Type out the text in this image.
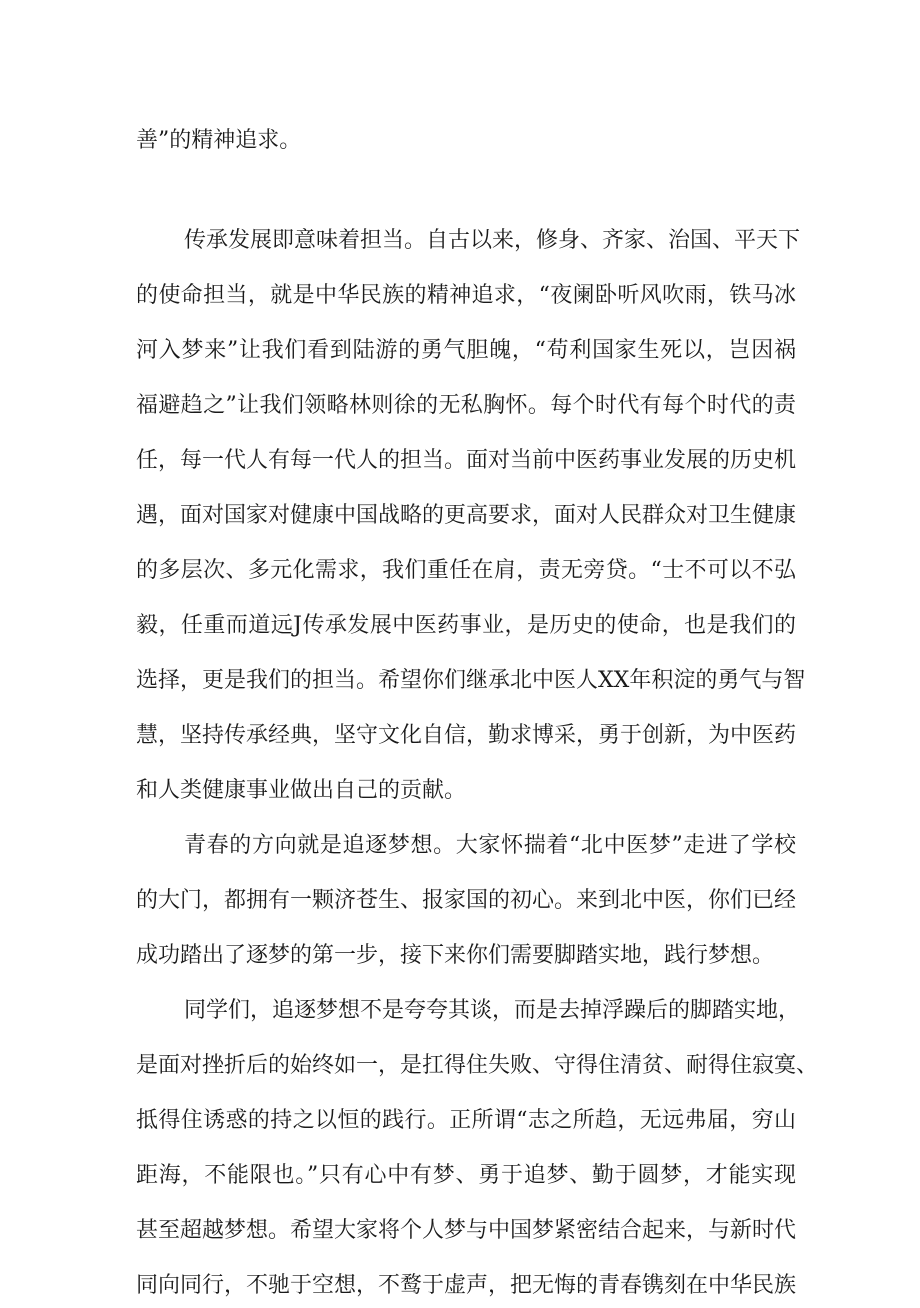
善”的精神追求。
传承发展即意味着担当。自古以来，修身、齐家、治国、平天下
的使命担当，就是中华民族的精神追求，“夜阑卧听风吹雨，铁马冰
河入梦来”让我们看到陆游的勇气胆魄，“苟利国家生死以，岂因祸
福避趋之”让我们领略林则徐的无私胸怀。每个时代有每个时代的责
任，每一代人有每一代人的担当。面对当前中医药事业发展的历史机
遇，面对国家对健康中国战略的更高要求，面对人民群众对卫生健康
的多层次、多元化需求，我们重任在肩，责无旁贷。“士不可以不弘
毅，任重而道远J传承发展中医药事业，是历史的使命，也是我们的
选择，更是我们的担当。希望你们继承北中医人XX年积淀的勇气与智
慧，坚持传承经典，坚守文化自信，勤求博采，勇于创新，为中医药
和人类健康事业做出自己的贡献。
青春的方向就是追逐梦想。大家怀揣着“北中医梦”走进了学校
的大门，都拥有一颗济苍生、报家国的初心。来到北中医，你们已经
成功踏出了逐梦的第一步，接下来你们需要脚踏实地，践行梦想。
同学们，追逐梦想不是夸夸其谈，而是去掉浮躁后的脚踏实地，
是面对挫折后的始终如一，是扛得住失败、守得住清贫、耐得住寂寞、
抵得住诱惑的持之以恒的践行。正所谓“志之所趋，无远弗届，穷山
距海，不能限也。”只有心中有梦、勇于追梦、勤于圆梦，才能实现
甚至超越梦想。希望大家将个人梦与中国梦紧密结合起来，与新时代
同向同行，不驰于空想，不鹜于虚声，把无悔的青春镌刻在中华民族
